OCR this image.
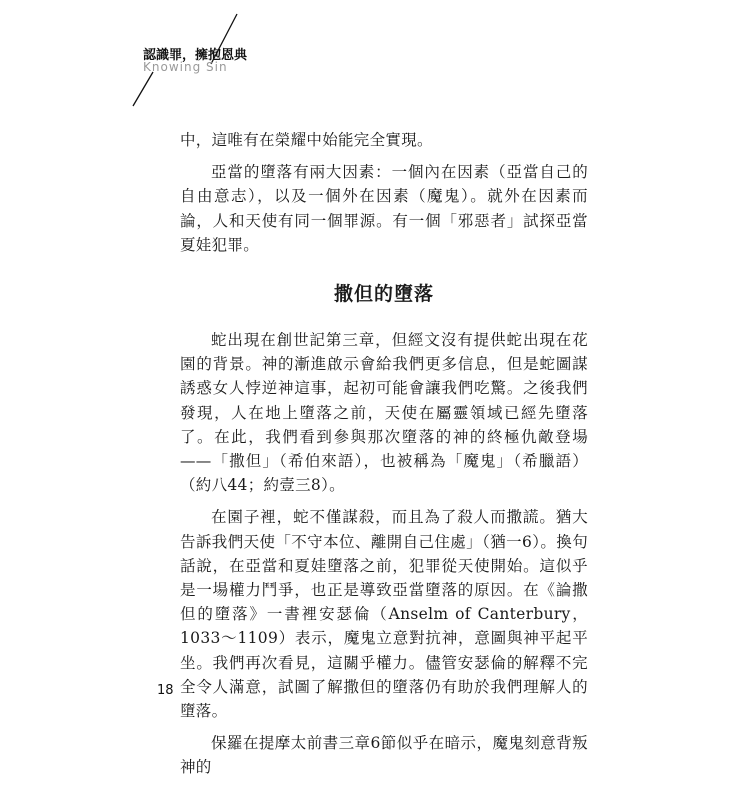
認識罪，擁抱恩典
Knowing Sin

中，這唯有在榮耀中始能完全實現。

亞當的墮落有兩大因素：一個內在因素（亞當自己的自由意志），以及一個外在因素（魔鬼）。就外在因素而論，人和天使有同一個罪源。有一個「邪惡者」試探亞當夏娃犯罪。

撒但的墮落

蛇出現在創世記第三章，但經文沒有提供蛇出現在花園的背景。神的漸進啟示會給我們更多信息，但是蛇圖謀誘惑女人悖逆神這事，起初可能會讓我們吃驚。之後我們發現，人在地上墮落之前，天使在屬靈領域已經先墮落了。在此，我們看到參與那次墮落的神的終極仇敵登場——「撒但」（希伯來語），也被稱為「魔鬼」（希臘語）（約八44；約壹三8）。

在園子裡，蛇不僅謀殺，而且為了殺人而撒謊。猶大告訴我們天使「不守本位、離開自己住處」（猶一6）。換句話說，在亞當和夏娃墮落之前，犯罪從天使開始。這似乎是一場權力鬥爭，也正是導致亞當墮落的原因。在《論撒但的墮落》一書裡安瑟倫（Anselm of Canterbury，1033～1109）表示，魔鬼立意對抗神，意圖與神平起平坐。我們再次看見，這關乎權力。儘管安瑟倫的解釋不完全令人滿意，試圖了解撒但的墮落仍有助於我們理解人的墮落。

保羅在提摩太前書三章6節似乎在暗示，魔鬼刻意背叛神的

18
